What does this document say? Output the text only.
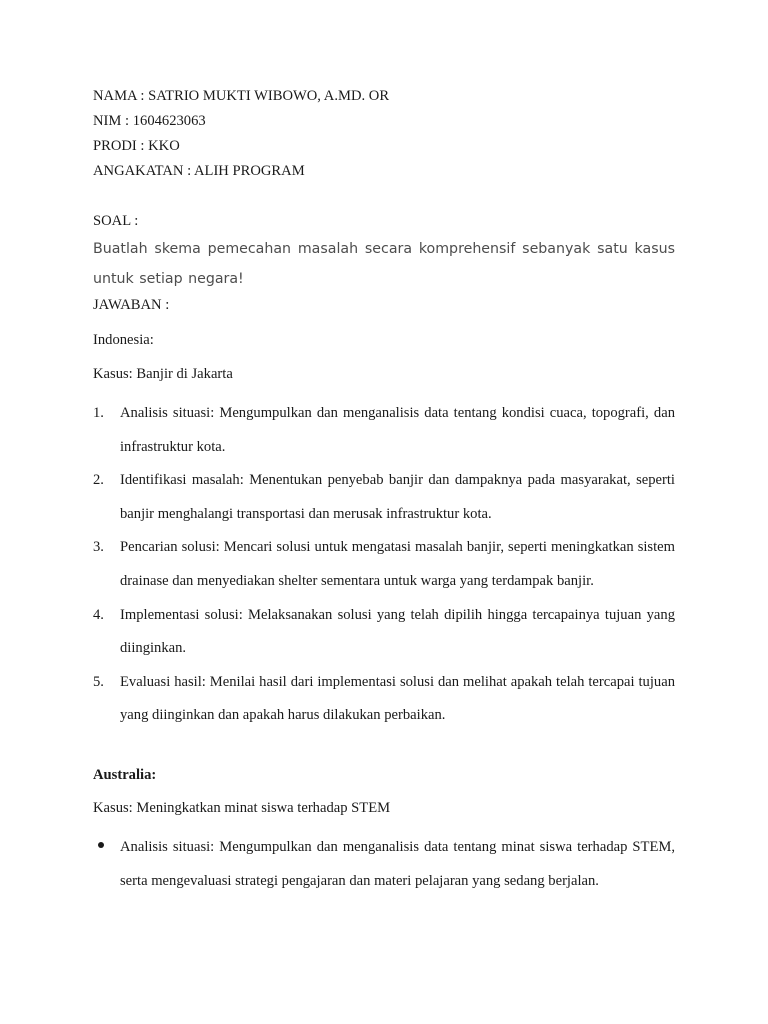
NAMA : SATRIO MUKTI WIBOWO, A.MD. OR
NIM : 1604623063
PRODI : KKO
ANGAKATAN : ALIH PROGRAM
SOAL :
Buatlah skema pemecahan masalah secara komprehensif sebanyak satu kasus untuk setiap negara!
JAWABAN :
Indonesia:
Kasus: Banjir di Jakarta
1. Analisis situasi: Mengumpulkan dan menganalisis data tentang kondisi cuaca, topografi, dan infrastruktur kota.
2. Identifikasi masalah: Menentukan penyebab banjir dan dampaknya pada masyarakat, seperti banjir menghalangi transportasi dan merusak infrastruktur kota.
3. Pencarian solusi: Mencari solusi untuk mengatasi masalah banjir, seperti meningkatkan sistem drainase dan menyediakan shelter sementara untuk warga yang terdampak banjir.
4. Implementasi solusi: Melaksanakan solusi yang telah dipilih hingga tercapainya tujuan yang diinginkan.
5. Evaluasi hasil: Menilai hasil dari implementasi solusi dan melihat apakah telah tercapai tujuan yang diinginkan dan apakah harus dilakukan perbaikan.
Australia:
Kasus: Meningkatkan minat siswa terhadap STEM
Analisis situasi: Mengumpulkan dan menganalisis data tentang minat siswa terhadap STEM, serta mengevaluasi strategi pengajaran dan materi pelajaran yang sedang berjalan.
